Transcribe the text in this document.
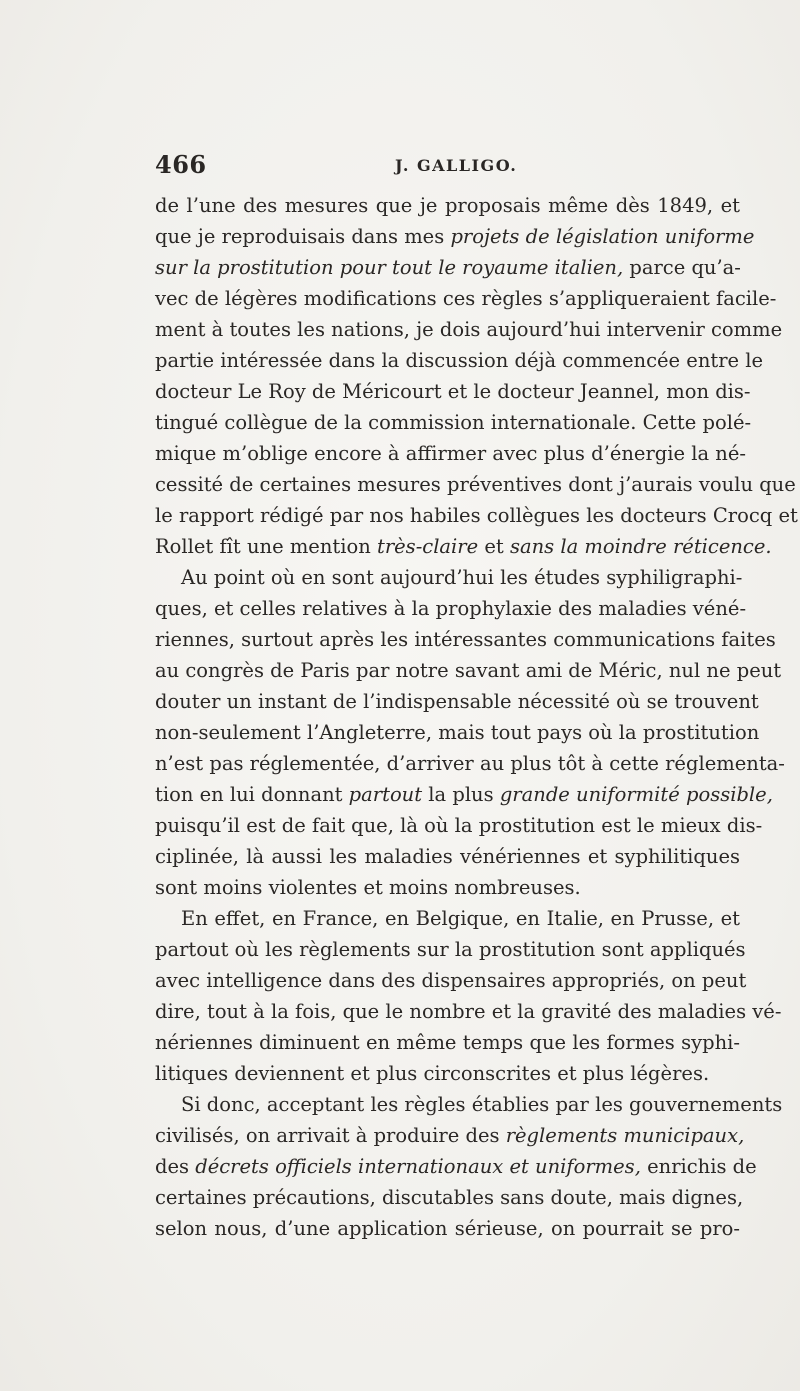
466	J. GALLIGO.
de l’une des mesures que je proposais même dès 1849, et
que je reproduisais dans mes projets de législation uniforme
sur la prostitution pour tout le royaume italien, parce qu’a-
vec de légères modifications ces règles s’appliqueraient facile-
ment à toutes les nations, je dois aujourd’hui intervenir comme
partie intéressée dans la discussion déjà commencée entre le
docteur Le Roy de Méricourt et le docteur Jeannel, mon dis-
tingué collègue de la commission internationale. Cette polé-
mique m’oblige encore à affirmer avec plus d’énergie la né-
cessité de certaines mesures préventives dont j’aurais voulu que
le rapport rédigé par nos habiles collègues les docteurs Crocq et
Rollet fît une mention très-claire et sans la moindre réticence.
Au point où en sont aujourd’hui les études syphiligraphi-
ques, et celles relatives à la prophylaxie des maladies véné-
riennes, surtout après les intéressantes communications faites
au congrès de Paris par notre savant ami de Méric, nul ne peut
douter un instant de l’indispensable nécessité où se trouvent
non-seulement l’Angleterre, mais tout pays où la prostitution
n’est pas réglementée, d’arriver au plus tôt à cette réglementa-
tion en lui donnant partout la plus grande uniformité possible,
puisqu’il est de fait que, là où la prostitution est le mieux dis-
ciplinée, là aussi les maladies vénériennes et syphilitiques
sont moins violentes et moins nombreuses.
En effet, en France, en Belgique, en Italie, en Prusse, et
partout où les règlements sur la prostitution sont appliqués
avec intelligence dans des dispensaires appropriés, on peut
dire, tout à la fois, que le nombre et la gravité des maladies vé-
nériennes diminuent en même temps que les formes syphi-
litiques deviennent et plus circonscrites et plus légères.
Si donc, acceptant les règles établies par les gouvernements
civilisés, on arrivait à produire des règlements municipaux,
des décrets officiels internationaux et uniformes, enrichis de
certaines précautions, discutables sans doute, mais dignes,
selon nous, d’une application sérieuse, on pourrait se pro-
